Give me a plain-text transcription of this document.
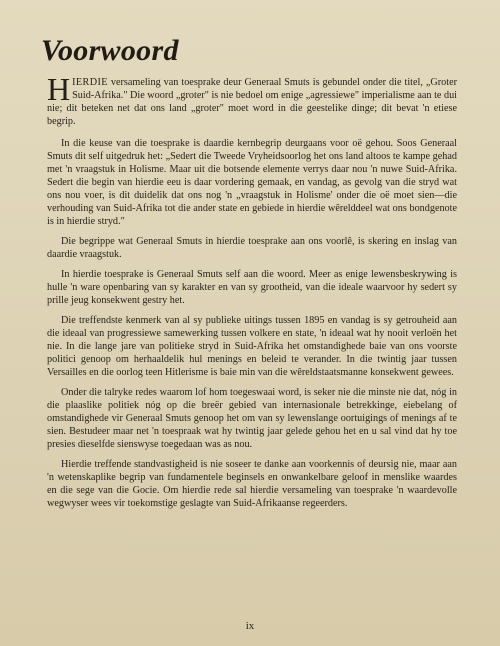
Voorwoord

HIERDIE versameling van toesprake deur Generaal Smuts is gebundel onder die titel, „Groter Suid-Afrika." Die woord „groter" is nie bedoel om enige „agressiewe" imperialisme aan te dui nie; dit beteken net dat ons land „groter" moet word in die geestelike dinge; dit bevat 'n etiese begrip.

In die keuse van die toesprake is daardie kernbegrip deurgaans voor oë gehou. Soos Generaal Smuts dit self uitgedruk het: „Sedert die Tweede Vryheidsoorlog het ons land altoos te kampe gehad met 'n vraagstuk in Holisme. Maar uit die botsende elemente verrys daar nou 'n nuwe Suid-Afrika. Sedert die begin van hierdie eeu is daar vordering gemaak, en vandag, as gevolg van die stryd wat ons nou voer, is dit duidelik dat ons nog 'n „vraagstuk in Holisme' onder die oë moet sien—die verhouding van Suid-Afrika tot die ander state en gebiede in hierdie wêrelddeel wat ons bondgenote is in hierdie stryd."

Die begrippe wat Generaal Smuts in hierdie toesprake aan ons voorlê, is skering en inslag van daardie vraagstuk.

In hierdie toesprake is Generaal Smuts self aan die woord. Meer as enige lewensbeskrywing is hulle 'n ware openbaring van sy karakter en van sy grootheid, van die ideale waarvoor hy sedert sy prille jeug konsekwent gestry het.

Die treffendste kenmerk van al sy publieke uitings tussen 1895 en vandag is sy getrouheid aan die ideaal van progressiewe samewerking tussen volkere en state, 'n ideaal wat hy nooit verloën het nie. In die lange jare van politieke stryd in Suid-Afrika het omstandighede baie van ons voorste politici genoop om herhaaldelik hul menings en beleid te verander. In die twintig jaar tussen Versailles en die oorlog teen Hitlerisme is baie min van die wêreldstaatsmanne konsekwent gewees.

Onder die talryke redes waarom lof hom toegeswaai word, is seker nie die minste nie dat, nóg in die plaaslike politiek nóg op die breër gebied van internasionale betrekkinge, eiebelang of omstandighede vir Generaal Smuts genoop het om van sy lewenslange oortuigings of menings af te sien. Bestudeer maar net 'n toespraak wat hy twintig jaar gelede gehou het en u sal vind dat hy toe presies dieselfde sienswyse toegedaan was as nou.

Hierdie treffende standvastigheid is nie soseer te danke aan voorkennis of deursig nie, maar aan 'n wetenskaplike begrip van fundamentele beginsels en onwankelbare geloof in menslike waardes en die sege van die Gocie. Om hierdie rede sal hierdie versameling van toesprake 'n waardevolle wegwyser wees vir toekomstige geslagte van Suid-Afrikaanse regeerders.

ix
